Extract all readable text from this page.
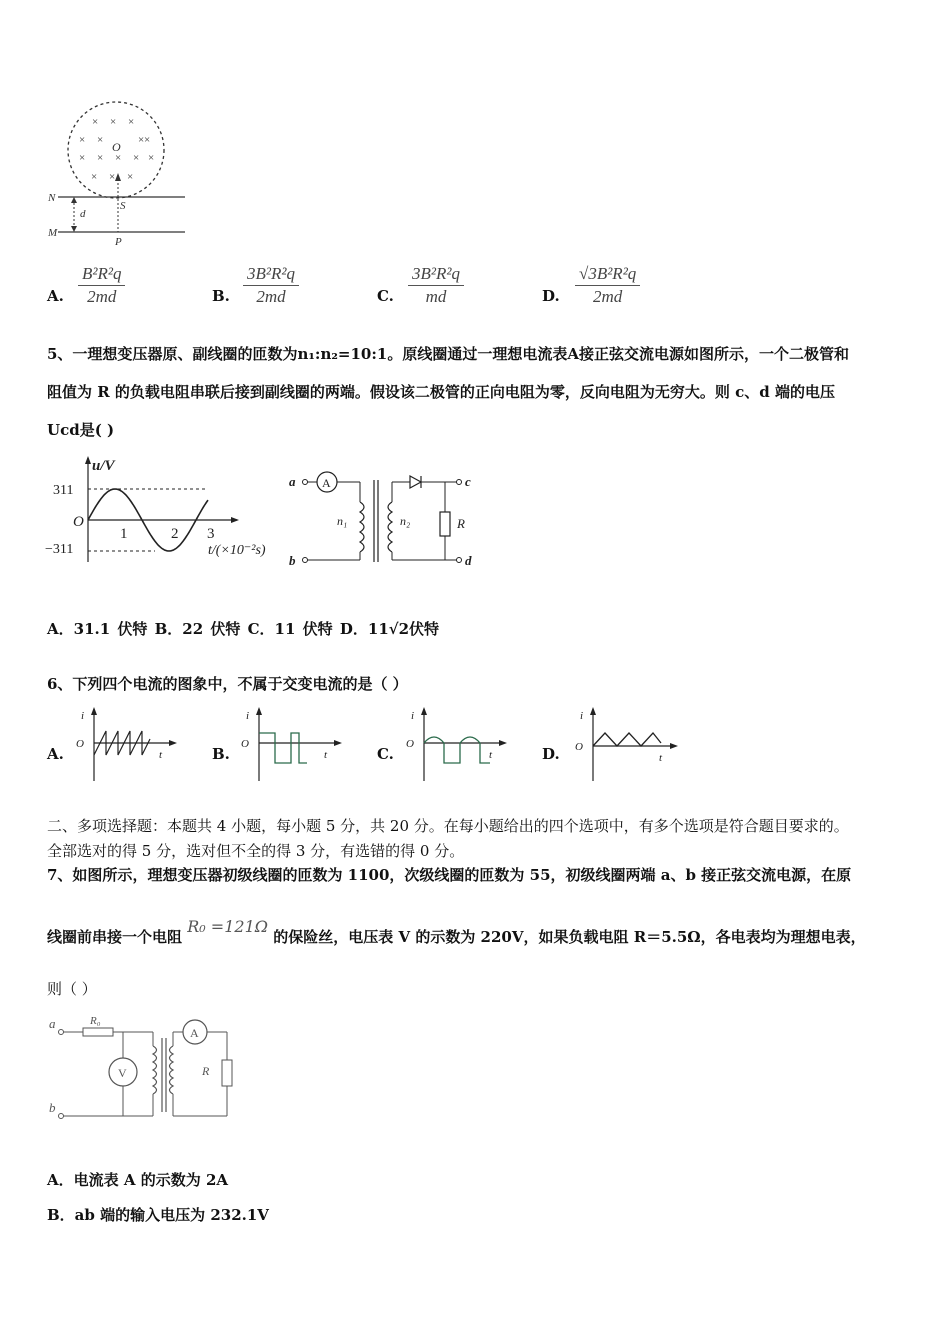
× × ×
× ×	× ×
× × × × ×
× × ×
O
N
M
d
S
P
A. $\frac{\text{B²R²q}}{2md}$	B. $\frac{\text{3B²R²q}}{2md}$	C. $\frac{\text{3B²R²q}}{md}$	D. $\frac{\text{√3B²R²q}}{2md}$
5、一理想变压器原、副线圈的匝数为n₁:n₂=10:1。原线圈通过一理想电流表A接正弦交流电源如图所示，一个二极管和
阻值为 R 的负载电阻串联后接到副线圈的两端。假设该二极管的正向电阻为零，反向电阻为无穷大。则 c、d 端的电压
Ucd是( )
u/V
311
−311
O
1	2 3
t/(×10⁻²s)
a A
b
n₁	n₂
c
R
d
A．31.1 伏特 B．22 伏特 C．11 伏特 D．11√2伏特
6、下列四个电流的图象中，不属于交变电流的是（ ）
A.
i
O
t	B.
i
O
t	C.
i
O
t	D.
i
O
t
二、多项选择题：本题共 4 小题，每小题 5 分，共 20 分。在每小题给出的四个选项中，有多个选项是符合题目要求的。
全部选对的得 5 分，选对但不全的得 3 分，有选错的得 0 分。
7、如图所示，理想变压器初级线圈的匝数为 1100，次级线圈的匝数为 55，初级线圈两端 a、b 接正弦交流电源，在原
线圈前串接一个电阻 R₀ =121Ω 的保险丝，电压表 V 的示数为 220V，如果负载电阻 R＝5.5Ω，各电表均为理想电表，
则（ ）
a	R₀
V
b
A
R
A．电流表 A 的示数为 2A
B．ab 端的输入电压为 232.1V
